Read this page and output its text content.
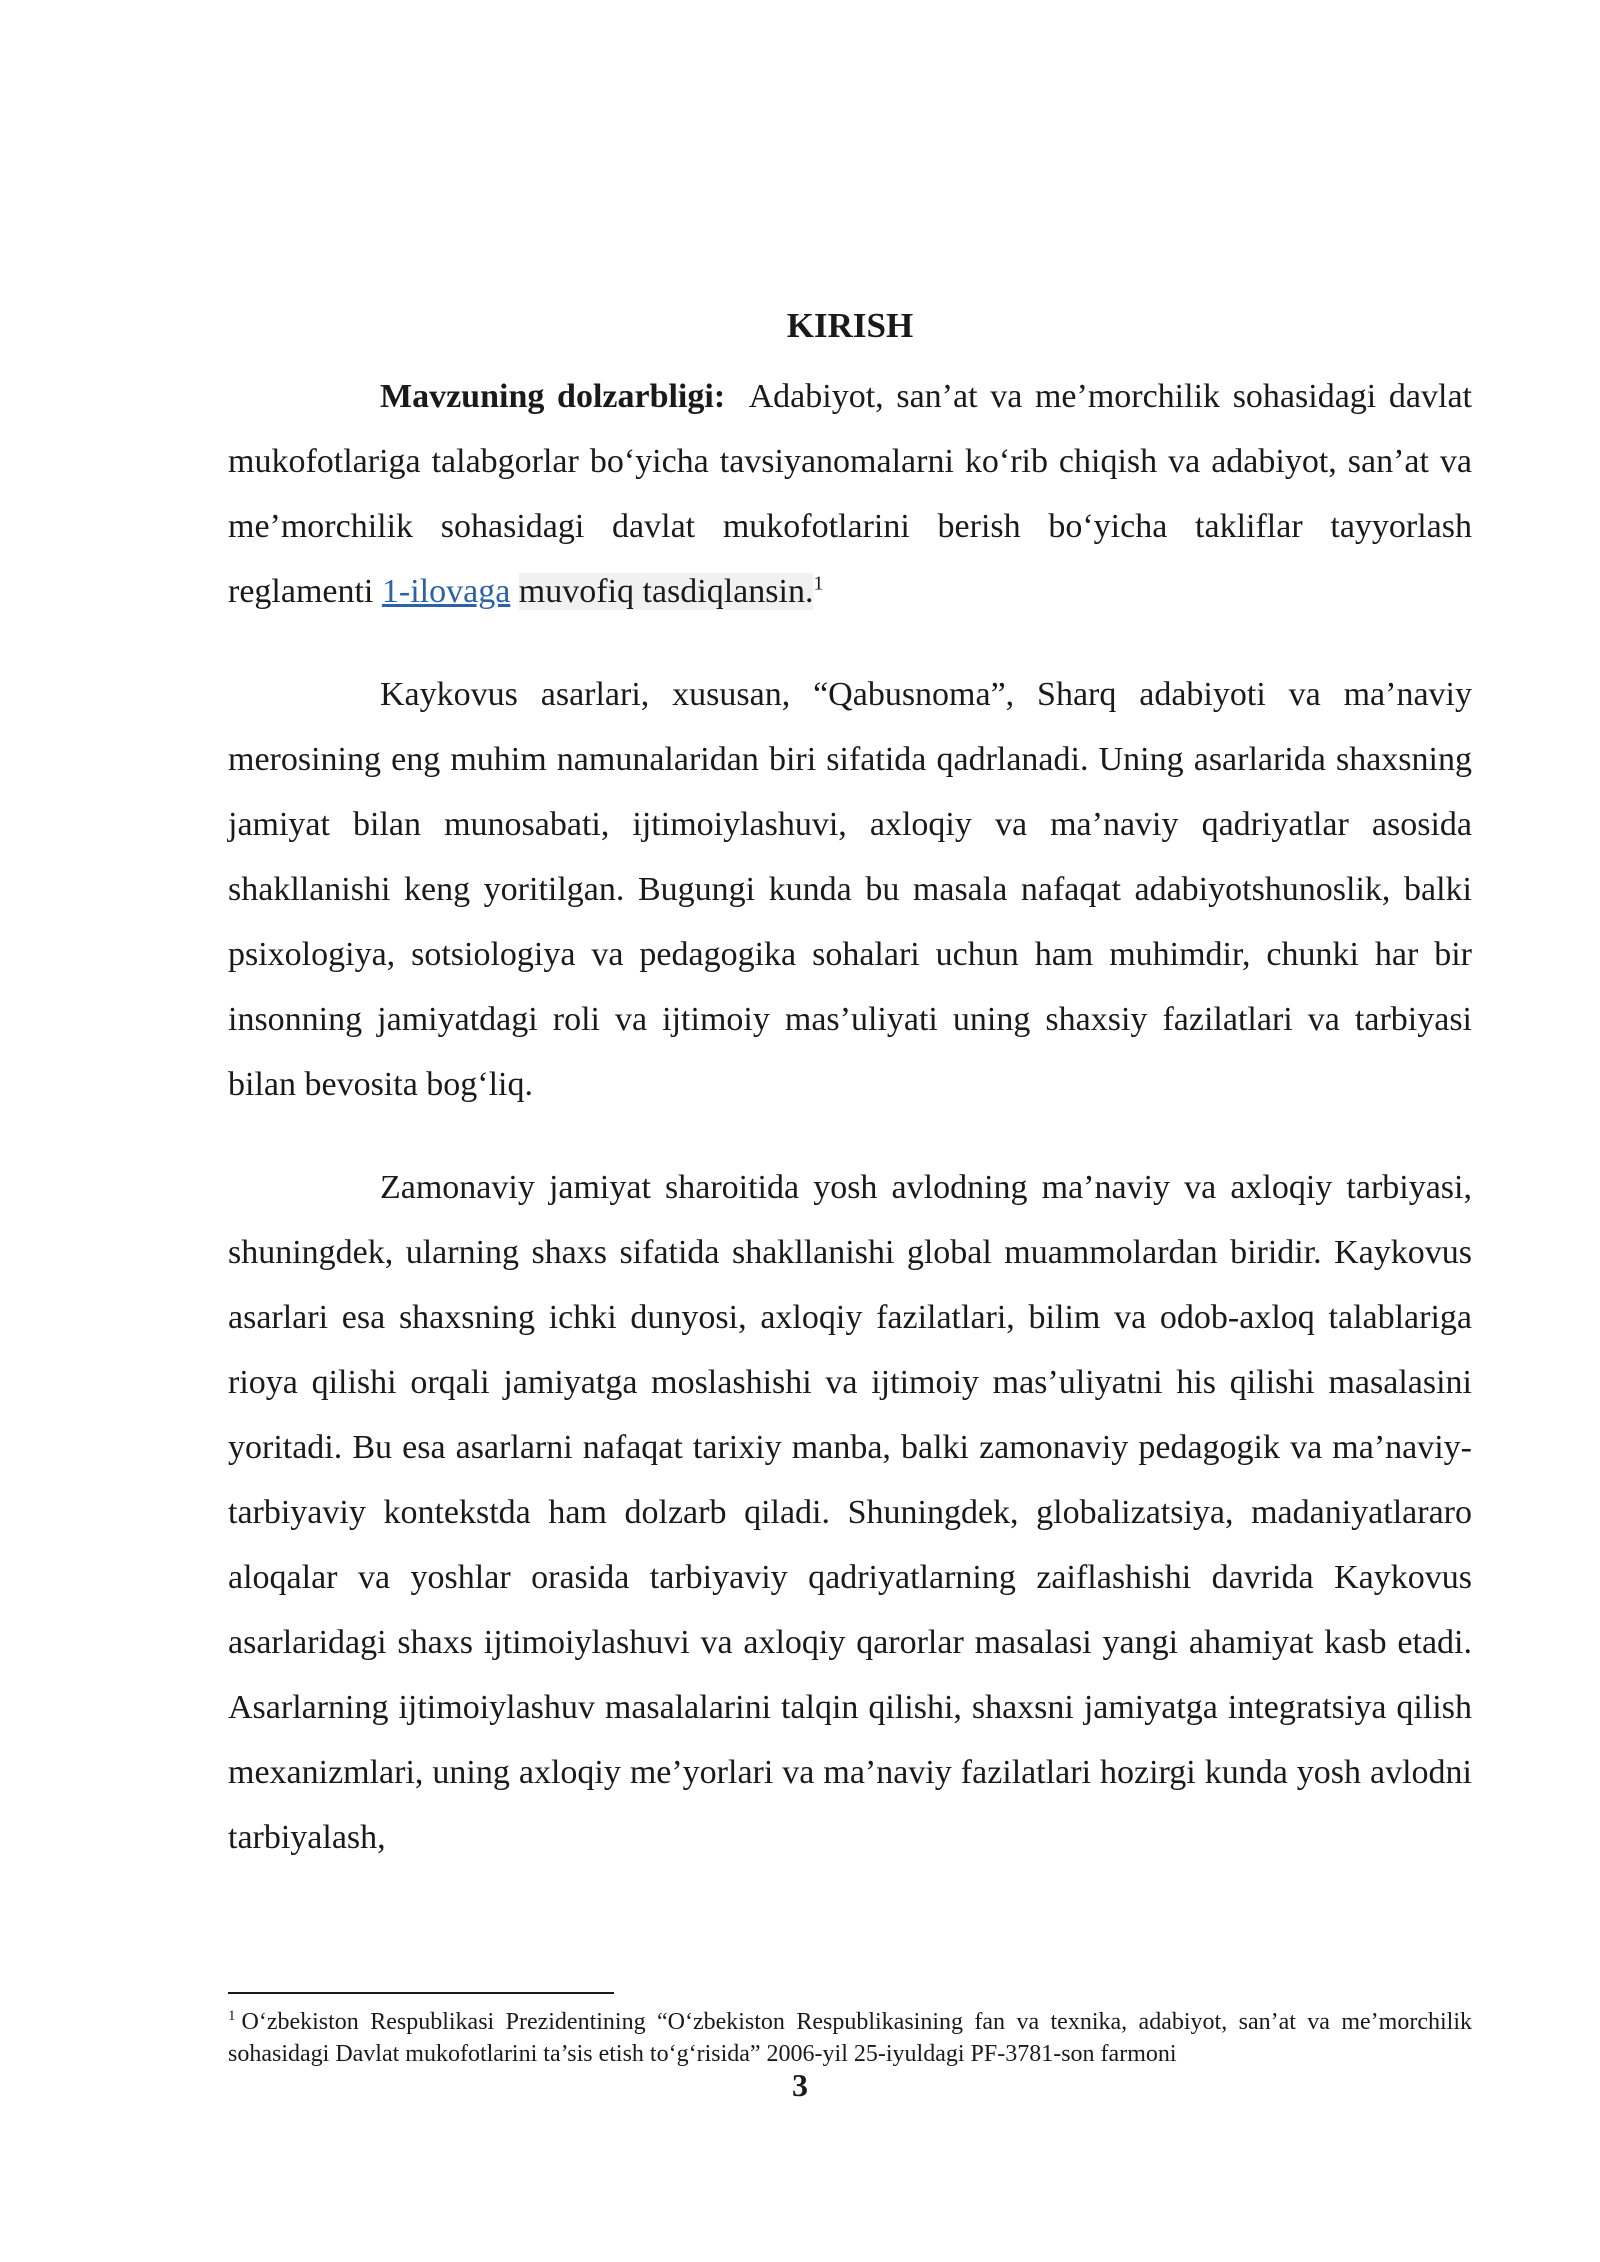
KIRISH

Mavzuning dolzarbligi: Adabiyot, san’at va me’morchilik sohasidagi davlat mukofotlariga talabgorlar bo‘yicha tavsiyanomalarni ko‘rib chiqish va adabiyot, san’at va me’morchilik sohasidagi davlat mukofotlarini berish bo‘yicha takliflar tayyorlash reglamenti 1-ilovaga muvofiq tasdiqlansin.$^1$

Kaykovus asarlari, xususan, “Qabusnoma”, Sharq adabiyoti va ma’naviy merosining eng muhim namunalaridan biri sifatida qadrlanadi. Uning asarlarida shaxsning jamiyat bilan munosabati, ijtimoiylashuvi, axloqiy va ma’naviy qadriyatlar asosida shakllanishi keng yoritilgan. Bugungi kunda bu masala nafaqat adabiyotshunoslik, balki psixologiya, sotsiologiya va pedagogika sohalari uchun ham muhimdir, chunki har bir insonning jamiyatdagi roli va ijtimoiy mas’uliyati uning shaxsiy fazilatlari va tarbiyasi bilan bevosita bog‘liq.

Zamonaviy jamiyat sharoitida yosh avlodning ma’naviy va axloqiy tarbiyasi, shuningdek, ularning shaxs sifatida shakllanishi global muammolardan biridir. Kaykovus asarlari esa shaxsning ichki dunyosi, axloqiy fazilatlari, bilim va odob-axloq talablariga rioya qilishi orqali jamiyatga moslashishi va ijtimoiy mas’uliyatni his qilishi masalasini yoritadi. Bu esa asarlarni nafaqat tarixiy manba, balki zamonaviy pedagogik va ma’naviy-tarbiyaviy kontekstda ham dolzarb qiladi. Shuningdek, globalizatsiya, madaniyatlararo aloqalar va yoshlar orasida tarbiyaviy qadriyatlarning zaiflashishi davrida Kaykovus asarlaridagi shaxs ijtimoiylashuvi va axloqiy qarorlar masalasi yangi ahamiyat kasb etadi. Asarlarning ijtimoiylashuv masalalarini talqin qilishi, shaxsni jamiyatga integratsiya qilish mexanizmlari, uning axloqiy me’yorlari va ma’naviy fazilatlari hozirgi kunda yosh avlodni tarbiyalash,

$^1$ O‘zbekiston Respublikasi Prezidentining “O‘zbekiston Respublikasining fan va texnika, adabiyot, san’at va me’morchilik sohasidagi Davlat mukofotlarini ta’sis etish to‘g‘risida” 2006-yil 25-iyuldagi PF-3781-son farmoni

3
